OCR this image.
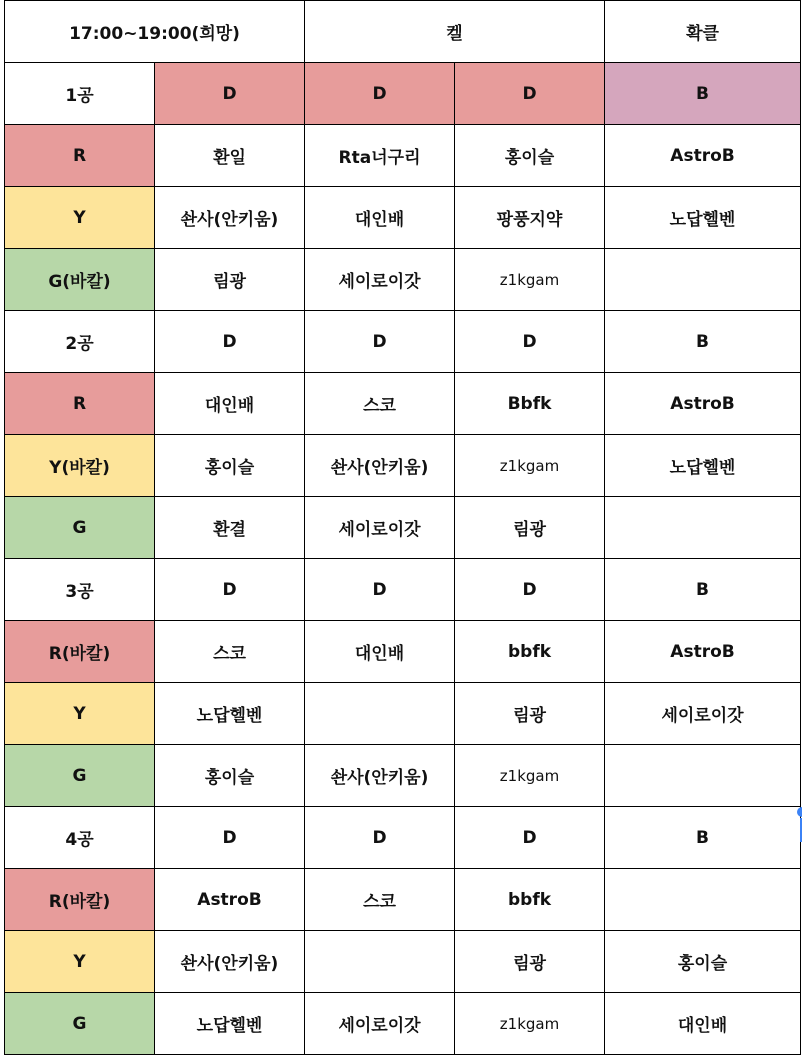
17:00~19:00(희망)		켈		확클
1공	D	D	D	B
R	환일	Rta너구리	홍이슬	AstroB
Y	솬사(안키움)	대인배	팡풍지약	노답헬벤
G(바칼)	림광	세이로이갓	z1kgam	
2공	D	D	D	B
R	대인배	스코	Bbfk	AstroB
Y(바칼)	홍이슬	솬사(안키움)	z1kgam	노답헬벤
G	환결	세이로이갓	림광	
3공	D	D	D	B
R(바칼)	스코	대인배	bbfk	AstroB
Y	노답헬벤		림광	세이로이갓
G	홍이슬	솬사(안키움)	z1kgam	
4공	D	D	D	B
R(바칼)	AstroB	스코	bbfk	
Y	솬사(안키움)		림광	홍이슬
G	노답헬벤	세이로이갓	z1kgam	대인배
